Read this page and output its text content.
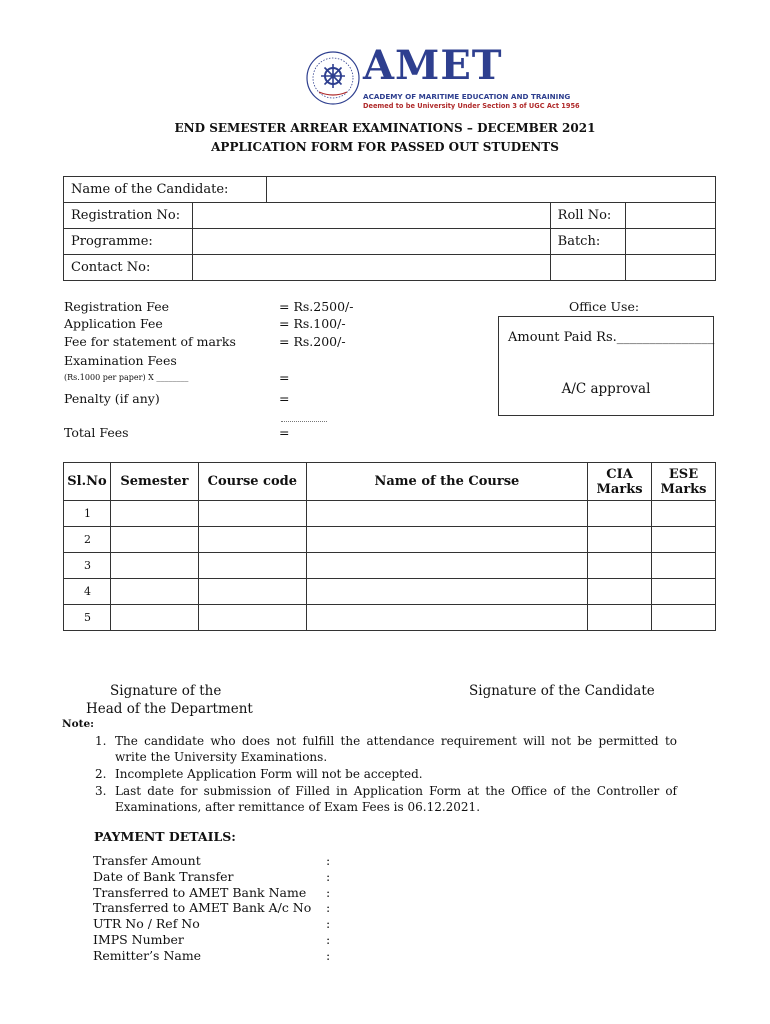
AMET
ACADEMY OF MARITIME EDUCATION AND TRAINING
Deemed to be University Under Section 3 of UGC Act 1956
END SEMESTER ARREAR EXAMINATIONS – DECEMBER 2021
APPLICATION FORM FOR PASSED OUT STUDENTS
Name of the Candidate:				
Registration No:			Roll No:	
Programme:			Batch:	
Contact No:				
Registration Fee	= Rs.2500/-
Application Fee	= Rs.100/-
Fee for statement of marks	= Rs.200/-
Examination Fees
(Rs.1000 per paper) X ________	=
Penalty (if any)	=
Total Fees	=
Office Use:
Amount Paid Rs._______________
A/C approval
Sl.No	Semester	Course code	Name of the Course	CIA Marks	ESE Marks
1					
2					
3					
4					
5					
Signature of the
Head of the Department
Signature of the Candidate
Note:
1. The candidate who does not fulfill the attendance requirement will not be permitted to write the University Examinations.
2. Incomplete Application Form will not be accepted.
3. Last date for submission of Filled in Application Form at the Office of the Controller of Examinations, after remittance of Exam Fees is 06.12.2021.
PAYMENT DETAILS:
Transfer Amount	:
Date of Bank Transfer	:
Transferred to AMET Bank Name :
Transferred to AMET Bank A/c No :
UTR No / Ref No	:
IMPS Number	:
Remitter’s Name	:
